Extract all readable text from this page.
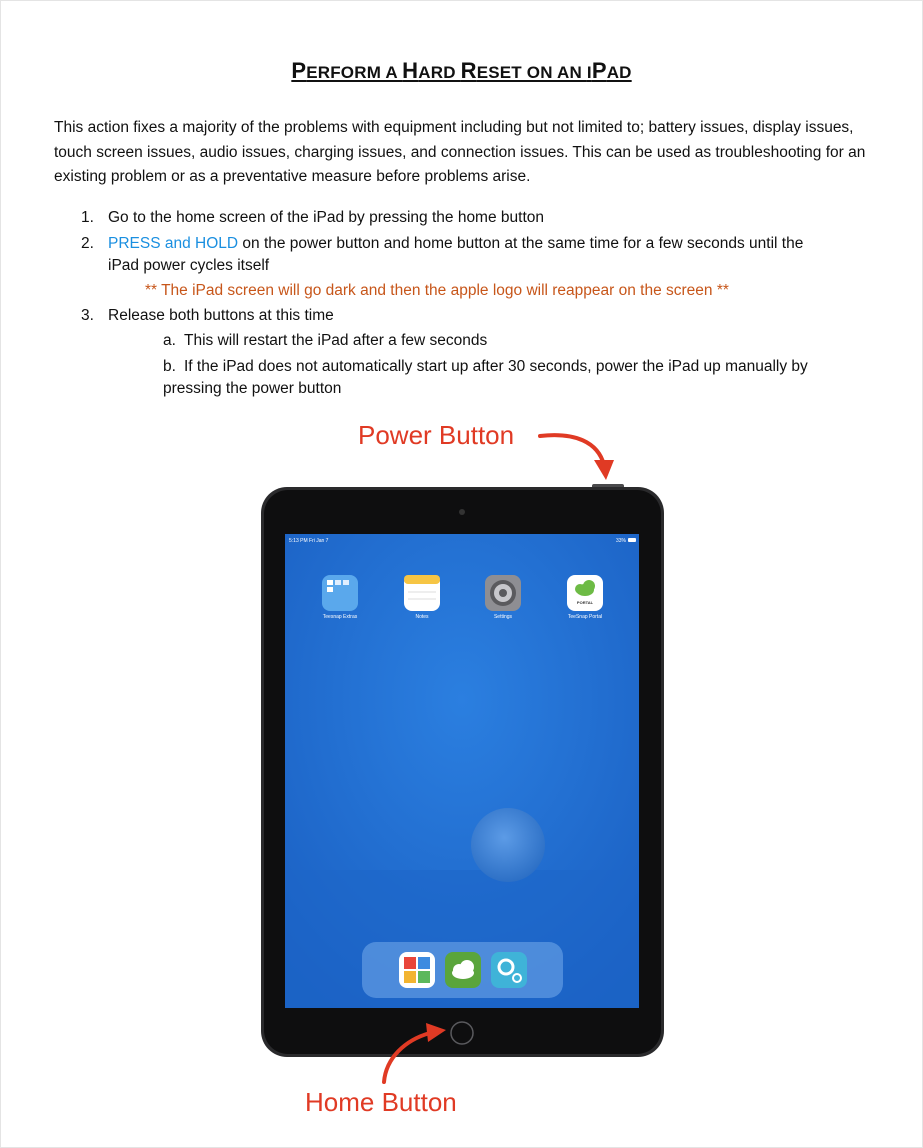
PERFORM A HARD RESET ON AN IPAD
This action fixes a majority of the problems with equipment including but not limited to; battery issues, display issues, touch screen issues, audio issues, charging issues, and connection issues. This can be used as troubleshooting for an existing problem or as a preventative measure before problems arise.
1. Go to the home screen of the iPad by pressing the home button
2. PRESS and HOLD on the power button and home button at the same time for a few seconds until the
iPad power cycles itself
** The iPad screen will go dark and then the apple logo will reappear on the screen **
3. Release both buttons at this time
a. This will restart the iPad after a few seconds
b. If the iPad does not automatically start up after 30 seconds, power the iPad up manually by
pressing the power button
Power Button
Home Button
5:13 PM Fri Jan 7	33%
Teesnap Extras	Notes	Settings
PORTAL
TeeSnap Portal
